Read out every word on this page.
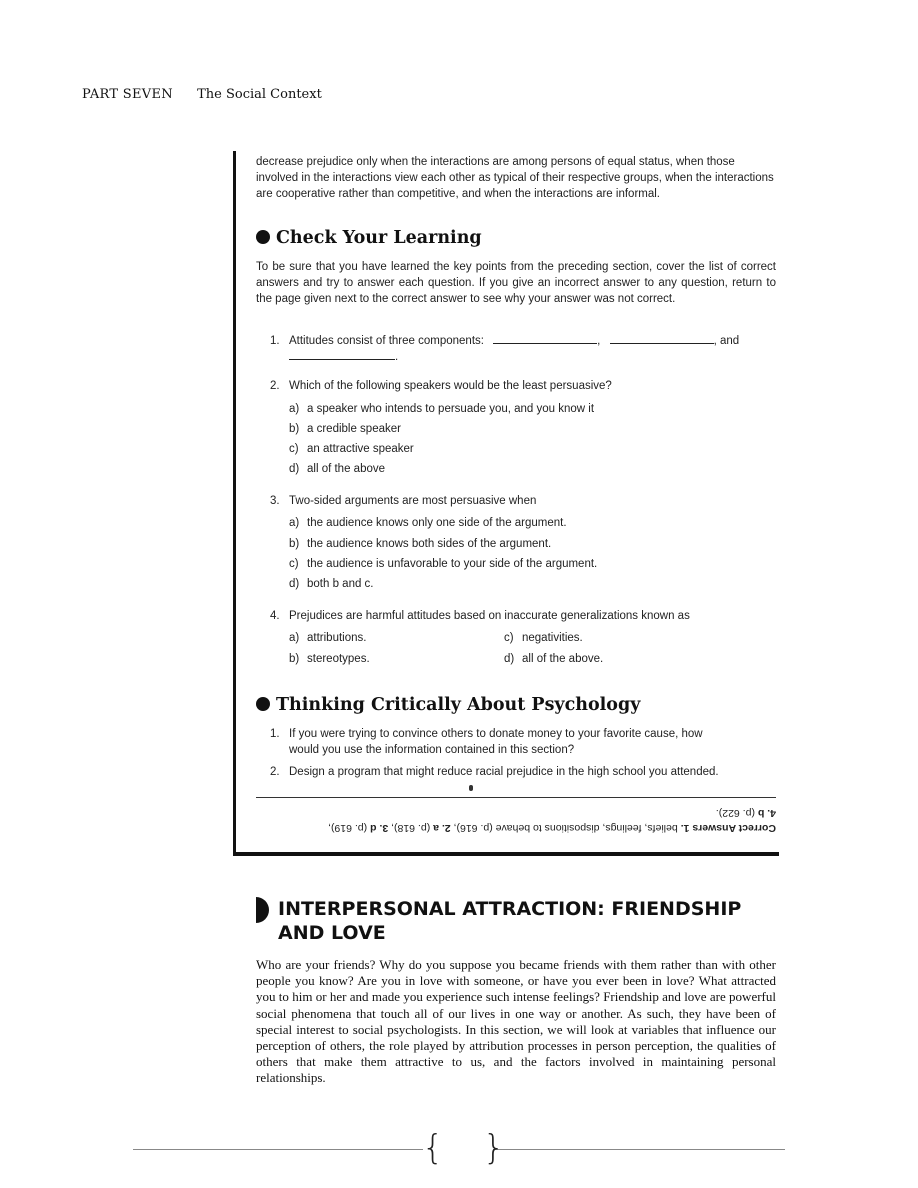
PART SEVEN The Social Context
decrease prejudice only when the interactions are among persons of equal status, when those involved in the interactions view each other as typical of their respective groups, when the interactions are cooperative rather than competitive, and when the interactions are informal.
Check Your Learning
To be sure that you have learned the key points from the preceding section, cover the list of correct answers and try to answer each question. If you give an incorrect answer to any question, return to the page given next to the correct answer to see why your answer was not correct.
1. Attitudes consist of three components:	,	, and
.
2. Which of the following speakers would be the least persuasive?
a) a speaker who intends to persuade you, and you know it
b) a credible speaker
c) an attractive speaker
d) all of the above
3. Two-sided arguments are most persuasive when
a) the audience knows only one side of the argument.
b) the audience knows both sides of the argument.
c) the audience is unfavorable to your side of the argument.
d) both b and c.
4. Prejudices are harmful attitudes based on inaccurate generalizations known as
a) attributions.
b) stereotypes.
c) negativities.
d) all of the above.
Thinking Critically About Psychology
1. If you were trying to convince others to donate money to your favorite cause, how
would you use the information contained in this section?
2. Design a program that might reduce racial prejudice in the high school you attended.
Correct Answers 1. beliefs, feelings, dispositions to behave (p. 616), 2. a (p. 618), 3. d (p. 619),
4. b (p. 622).
INTERPERSONAL ATTRACTION: FRIENDSHIP
AND LOVE
Who are your friends? Why do you suppose you became friends with them rather than with other people you know? Are you in love with someone, or have you ever been in love? What attracted you to him or her and made you experience such intense feelings? Friendship and love are powerful social phenomena that touch all of our lives in one way or another. As such, they have been of special interest to social psychologists. In this section, we will look at variables that influence our perception of others, the role played by attribution processes in person perception, the qualities of others that make them attractive to us, and the factors involved in maintaining personal relationships.
{ }
